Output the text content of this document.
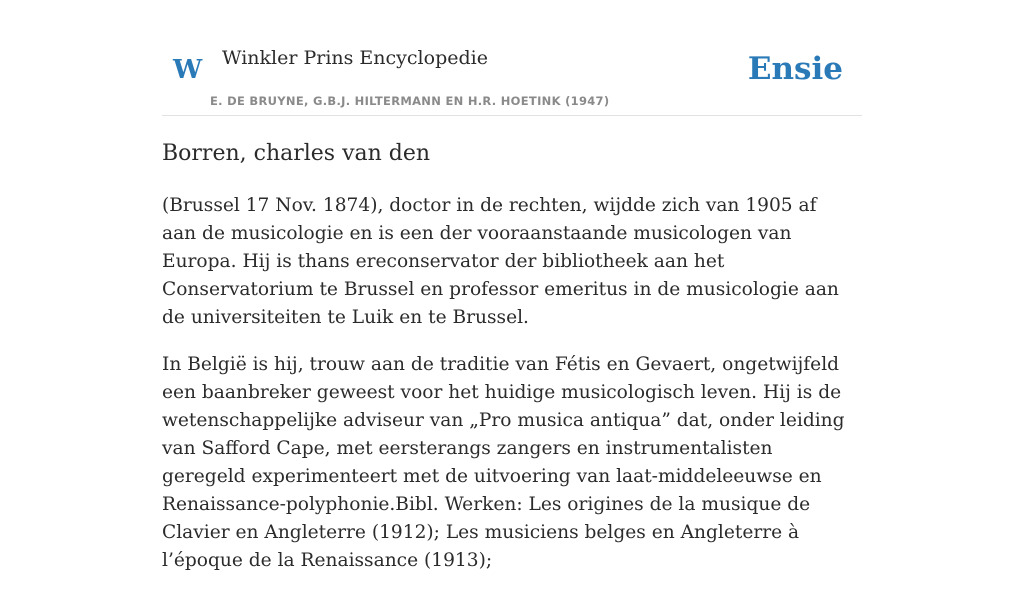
W Winkler Prins Encyclopedie
E. DE BRUYNE, G.B.J. HILTERMANN EN H.R. HOETINK (1947)
Ensie
Borren, charles van den

(Brussel 17 Nov. 1874), doctor in de rechten, wijdde zich van 1905 af aan de musicologie en is een der vooraanstaande musicologen van Europa. Hij is thans ereconservator der bibliotheek aan het Conservatorium te Brussel en professor emeritus in de musicologie aan de universiteiten te Luik en te Brussel.

In België is hij, trouw aan de traditie van Fétis en Gevaert, ongetwijfeld een baanbreker geweest voor het huidige musicologisch leven. Hij is de wetenschappelijke adviseur van „Pro musica antiqua” dat, onder leiding van Safford Cape, met eersterangs zangers en instrumentalisten geregeld experimenteert met de uitvoering van laat-middeleeuwse en Renaissance-polyphonie.Bibl. Werken: Les origines de la musique de Clavier en Angleterre (1912); Les musiciens belges en Angleterre à l’époque de la Renaissance (1913);
